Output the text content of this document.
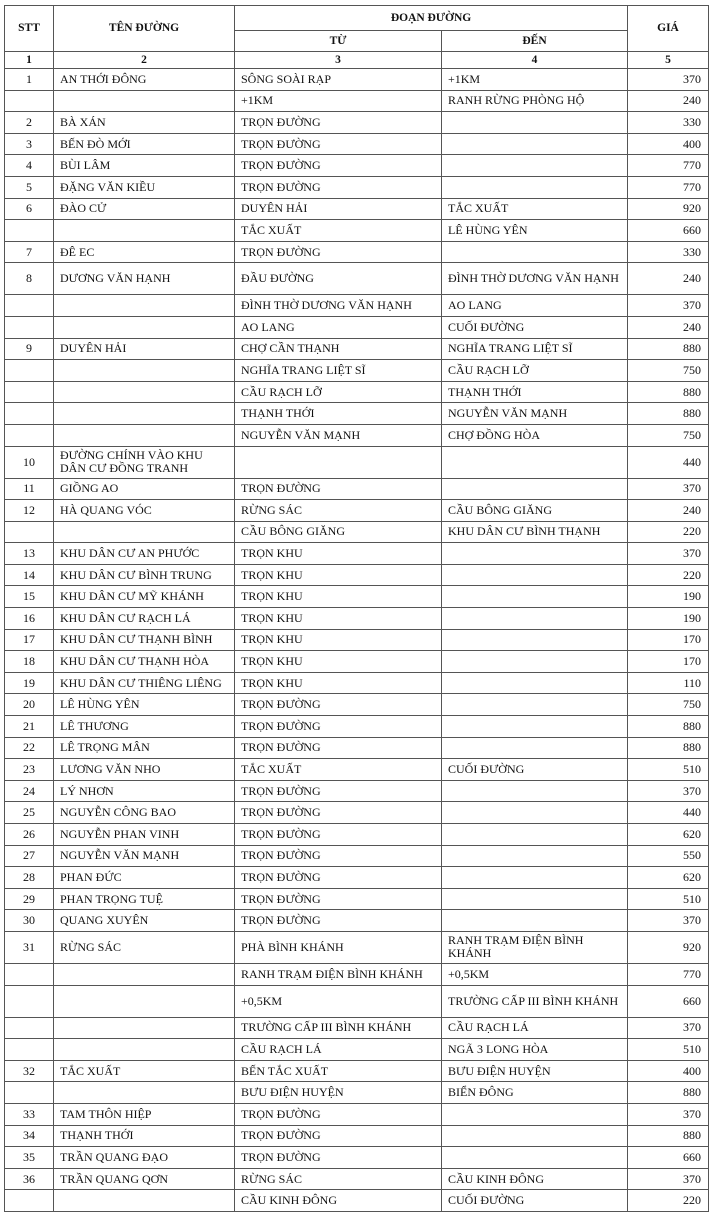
STT	TÊN ĐƯỜNG	ĐOẠN ĐƯỜNG		GIÁ
		TỪ	ĐẾN	
1	2	3	4	5
1	AN THỚI ĐÔNG	SÔNG SOÀI RẠP	+1KM	370
		+1KM	RANH RỪNG PHÒNG HỘ	240
2	BÀ XÁN	TRỌN ĐƯỜNG		330
3	BẾN ĐÒ MỚI	TRỌN ĐƯỜNG		400
4	BÙI LÂM	TRỌN ĐƯỜNG		770
5	ĐẶNG VĂN KIỀU	TRỌN ĐƯỜNG		770
6	ĐÀO CỬ	DUYÊN HẢI	TẮC XUẤT	920
		TẮC XUẤT	LÊ HÙNG YÊN	660
7	ĐÊ EC	TRỌN ĐƯỜNG		330
8	DƯƠNG VĂN HẠNH	ĐẦU ĐƯỜNG	ĐÌNH THỜ DƯƠNG VĂN HẠNH	240
		ĐÌNH THỜ DƯƠNG VĂN HẠNH	AO LANG	370
		AO LANG	CUỐI ĐƯỜNG	240
9	DUYÊN HẢI	CHỢ CẦN THẠNH	NGHĨA TRANG LIỆT SĨ	880
		NGHĨA TRANG LIỆT SĨ	CẦU RẠCH LỠ	750
		CẦU RẠCH LỠ	THẠNH THỚI	880
		THẠNH THỚI	NGUYỄN VĂN MẠNH	880
		NGUYỄN VĂN MẠNH	CHỢ ĐỒNG HÒA	750
10	ĐƯỜNG CHÍNH VÀO KHU DÂN CƯ ĐỒNG TRANH			440
11	GIỒNG AO	TRỌN ĐƯỜNG		370
12	HÀ QUANG VÓC	RỪNG SÁC	CẦU BÔNG GIĂNG	240
		CẦU BÔNG GIĂNG	KHU DÂN CƯ BÌNH THẠNH	220
13	KHU DÂN CƯ AN PHƯỚC	TRỌN KHU		370
14	KHU DÂN CƯ BÌNH TRUNG	TRỌN KHU		220
15	KHU DÂN CƯ MỸ KHÁNH	TRỌN KHU		190
16	KHU DÂN CƯ RẠCH LÁ	TRỌN KHU		190
17	KHU DÂN CƯ THẠNH BÌNH	TRỌN KHU		170
18	KHU DÂN CƯ THẠNH HÒA	TRỌN KHU		170
19	KHU DÂN CƯ THIÊNG LIÊNG	TRỌN KHU		110
20	LÊ HÙNG YÊN	TRỌN ĐƯỜNG		750
21	LÊ THƯƠNG	TRỌN ĐƯỜNG		880
22	LÊ TRỌNG MÂN	TRỌN ĐƯỜNG		880
23	LƯƠNG VĂN NHO	TẮC XUẤT	CUỐI ĐƯỜNG	510
24	LÝ NHƠN	TRỌN ĐƯỜNG		370
25	NGUYỄN CÔNG BAO	TRỌN ĐƯỜNG		440
26	NGUYỄN PHAN VINH	TRỌN ĐƯỜNG		620
27	NGUYỄN VĂN MẠNH	TRỌN ĐƯỜNG		550
28	PHAN ĐỨC	TRỌN ĐƯỜNG		620
29	PHAN TRỌNG TUỆ	TRỌN ĐƯỜNG		510
30	QUANG XUYÊN	TRỌN ĐƯỜNG		370
31	RỪNG SÁC	PHÀ BÌNH KHÁNH	RANH TRẠM ĐIỆN BÌNH KHÁNH	920
		RANH TRẠM ĐIỆN BÌNH KHÁNH	+0,5KM	770
		+0,5KM	TRƯỜNG CẤP III BÌNH KHÁNH	660
		TRƯỜNG CẤP III BÌNH KHÁNH	CẦU RẠCH LÁ	370
		CẦU RẠCH LÁ	NGÃ 3 LONG HÒA	510
32	TẮC XUẤT	BẾN TẮC XUẤT	BƯU ĐIỆN HUYỆN	400
		BƯU ĐIỆN HUYỆN	BIỂN ĐÔNG	880
33	TAM THÔN HIỆP	TRỌN ĐƯỜNG		370
34	THẠNH THỚI	TRỌN ĐƯỜNG		880
35	TRẦN QUANG ĐẠO	TRỌN ĐƯỜNG		660
36	TRẦN QUANG QƠN	RỪNG SÁC	CẦU KINH ĐÔNG	370
		CẦU KINH ĐÔNG	CUỐI ĐƯỜNG	220
